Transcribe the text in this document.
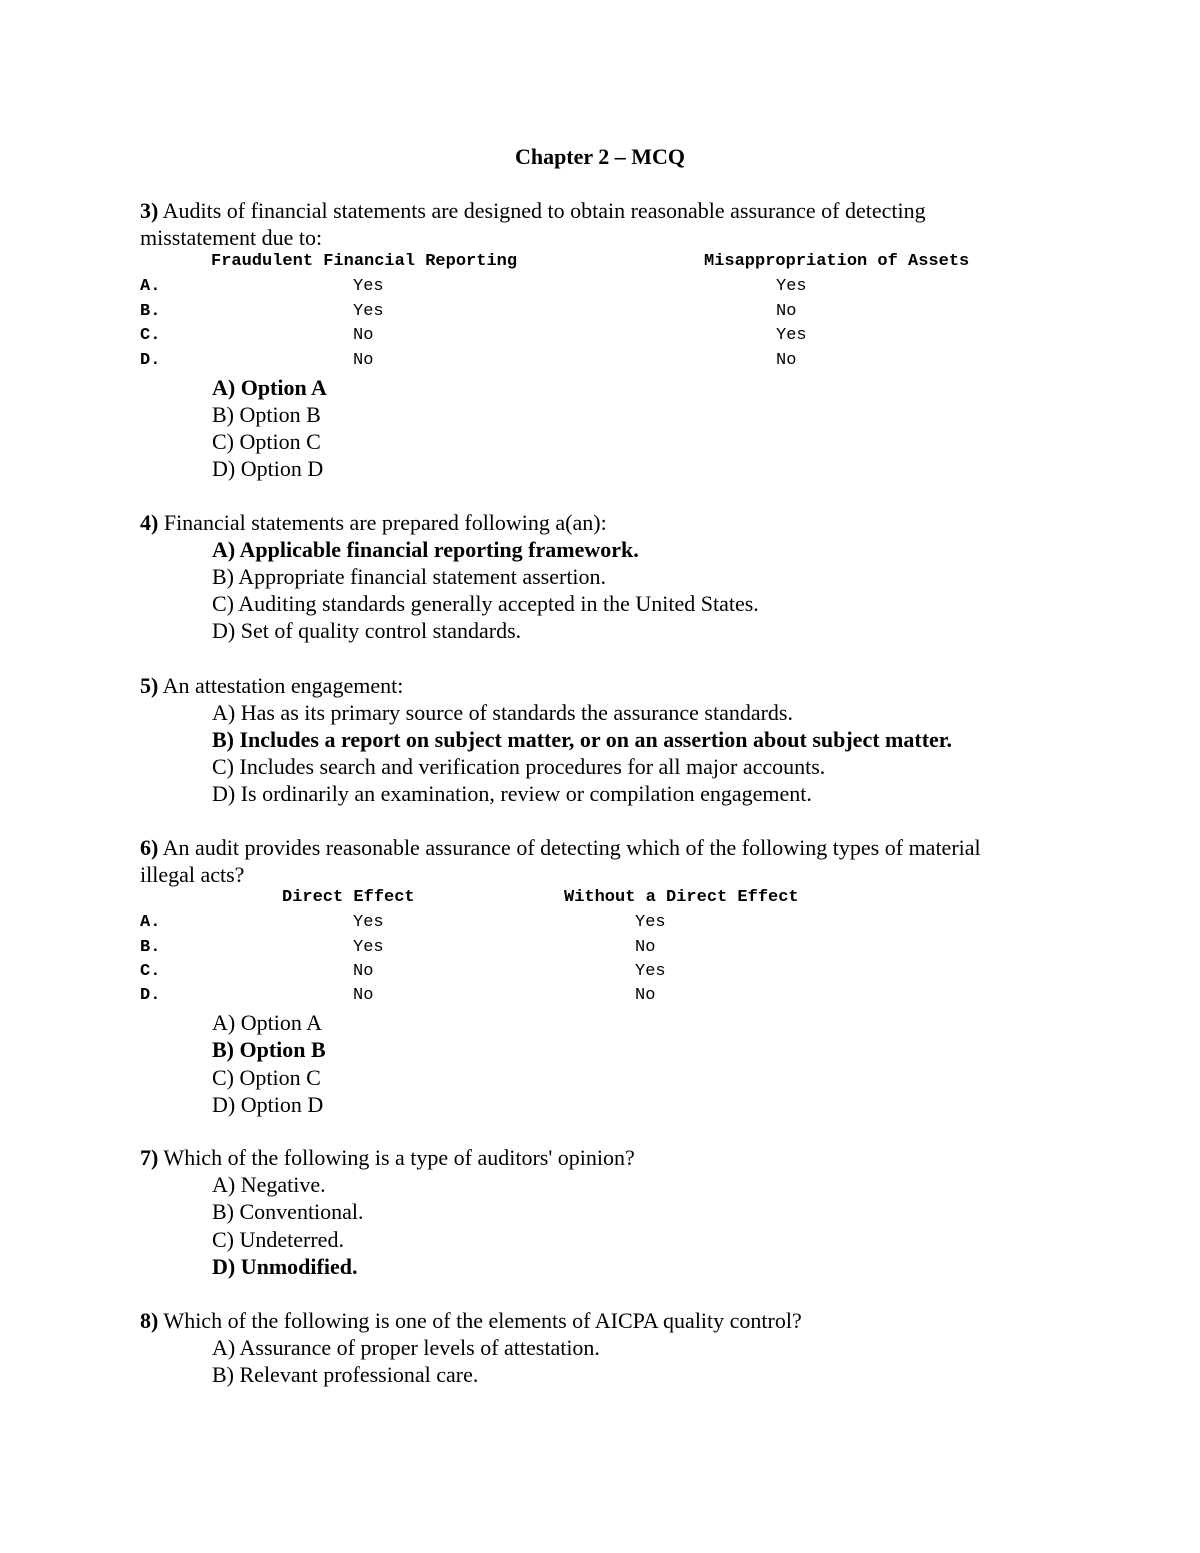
Chapter 2 – MCQ
3) Audits of financial statements are designed to obtain reasonable assurance of detecting
misstatement due to:
Fraudulent Financial Reporting	Misappropriation of Assets
A.	Yes	Yes
B.	Yes	No
C.	No	Yes
D.	No	No
A) Option A
B) Option B
C) Option C
D) Option D
4) Financial statements are prepared following a(an):
A) Applicable financial reporting framework.
B) Appropriate financial statement assertion.
C) Auditing standards generally accepted in the United States.
D) Set of quality control standards.
5) An attestation engagement:
A) Has as its primary source of standards the assurance standards.
B) Includes a report on subject matter, or on an assertion about subject matter.
C) Includes search and verification procedures for all major accounts.
D) Is ordinarily an examination, review or compilation engagement.
6) An audit provides reasonable assurance of detecting which of the following types of material
illegal acts?
Direct Effect	Without a Direct Effect
A.	Yes	Yes
B.	Yes	No
C.	No	Yes
D.	No	No
A) Option A
B) Option B
C) Option C
D) Option D
7) Which of the following is a type of auditors' opinion?
A) Negative.
B) Conventional.
C) Undeterred.
D) Unmodified.
8) Which of the following is one of the elements of AICPA quality control?
A) Assurance of proper levels of attestation.
B) Relevant professional care.
